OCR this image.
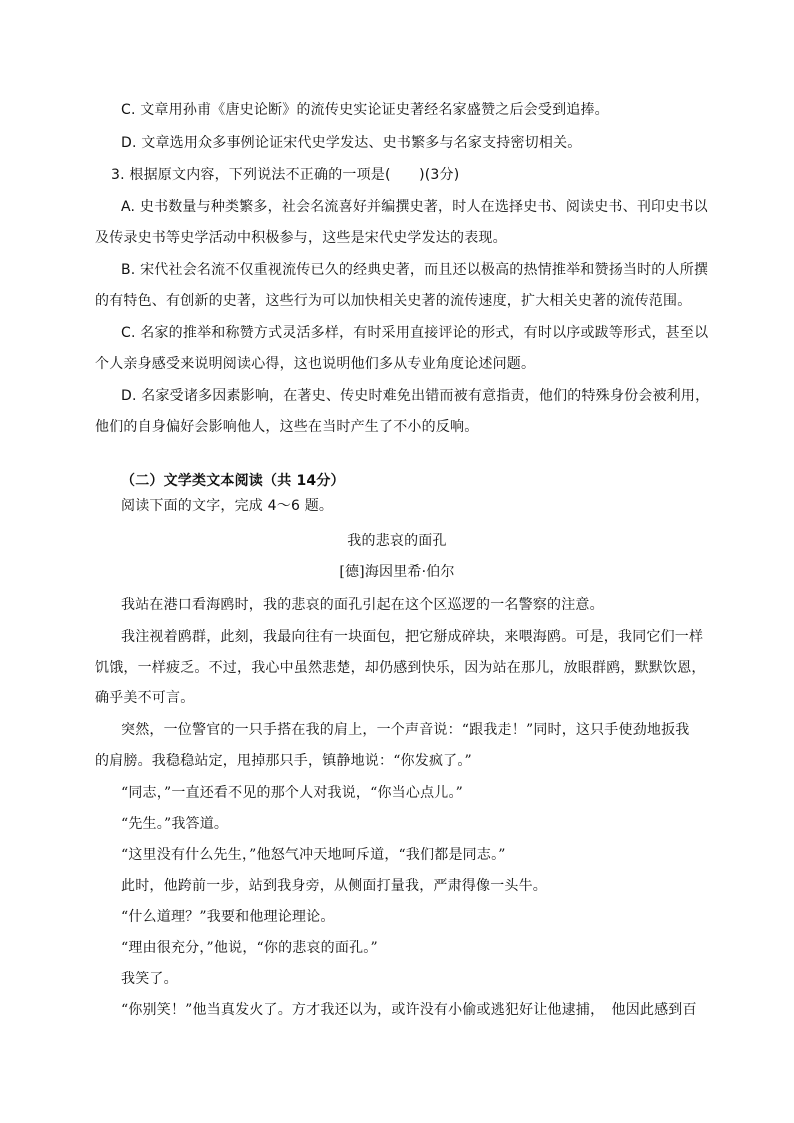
C. 文章用孙甫《唐史论断》的流传史实论证史著经名家盛赞之后会受到追捧。
D. 文章选用众多事例论证宋代史学发达、史书繁多与名家支持密切相关。
3. 根据原文内容，下列说法不正确的一项是(　　)(3分)
A. 史书数量与种类繁多，社会名流喜好并编撰史著，时人在选择史书、阅读史书、刊印史书以
及传录史书等史学活动中积极参与，这些是宋代史学发达的表现。
B. 宋代社会名流不仅重视流传已久的经典史著，而且还以极高的热情推举和赞扬当时的人所撰
的有特色、有创新的史著，这些行为可以加快相关史著的流传速度，扩大相关史著的流传范围。
C. 名家的推举和称赞方式灵活多样，有时采用直接评论的形式，有时以序或跋等形式，甚至以
个人亲身感受来说明阅读心得，这也说明他们多从专业角度论述问题。
D. 名家受诸多因素影响，在著史、传史时难免出错而被有意指责，他们的特殊身份会被利用，
他们的自身偏好会影响他人，这些在当时产生了不小的反响。
（二）文学类文本阅读（共 14分）
阅读下面的文字，完成 4～6 题。
我的悲哀的面孔
[德]海因里希·伯尔
我站在港口看海鸥时，我的悲哀的面孔引起在这个区巡逻的一名警察的注意。
我注视着鸥群，此刻，我最向往有一块面包，把它掰成碎块，来喂海鸥。可是，我同它们一样
饥饿，一样疲乏。不过，我心中虽然悲楚，却仍感到快乐，因为站在那儿，放眼群鸥，默默饮恩，
确乎美不可言。
突然，一位警官的一只手搭在我的肩上，一个声音说：“跟我走！”同时，这只手使劲地扳我
的肩膀。我稳稳站定，甩掉那只手，镇静地说：“你发疯了。”
“同志，”一直还看不见的那个人对我说，“你当心点儿。”
“先生。”我答道。
“这里没有什么先生，”他怒气冲天地呵斥道，“我们都是同志。”
此时，他跨前一步，站到我身旁，从侧面打量我，严肃得像一头牛。
“什么道理？”我要和他理论理论。
“理由很充分，”他说，“你的悲哀的面孔。”
我笑了。
“你别笑！”他当真发火了。方才我还以为，或许没有小偷或逃犯好让他逮捕，　他因此感到百
